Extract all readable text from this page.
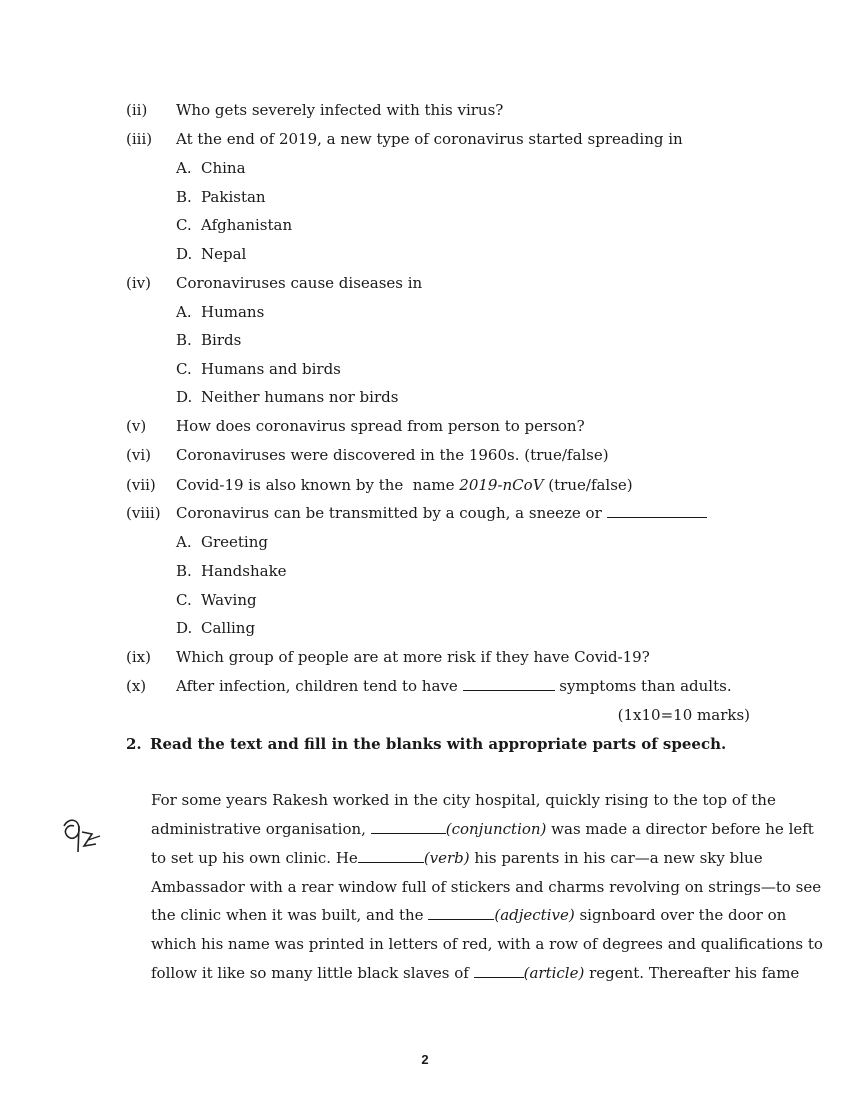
(ii) Who gets severely infected with this virus?
(iii) At the end of 2019, a new type of coronavirus started spreading in
A. China
B. Pakistan
C. Afghanistan
D. Nepal
(iv) Coronaviruses cause diseases in
A. Humans
B. Birds
C. Humans and birds
D. Neither humans nor birds
(v) How does coronavirus spread from person to person?
(vi) Coronaviruses were discovered in the 1960s. (true/false)
(vii) Covid-19 is also known by the  name 2019-nCoV (true/false)
(viii) Coronavirus can be transmitted by a cough, a sneeze or
A. Greeting
B. Handshake
C. Waving
D. Calling
(ix) Which group of people are at more risk if they have Covid-19?
(x) After infection, children tend to have	symptoms than adults.
(1x10=10 marks)
2. Read the text and fill in the blanks with appropriate parts of speech.
For some years Rakesh worked in the city hospital, quickly rising to the top of the
administrative organisation,	(conjunction) was made a director before he left
to set up his own clinic. He	(verb) his parents in his car—a new sky blue
Ambassador with a rear window full of stickers and charms revolving on strings—to see
the clinic when it was built, and the	(adjective) signboard over the door on
which his name was printed in letters of red, with a row of degrees and qualifications to
follow it like so many little black slaves of	(article) regent. Thereafter his fame
2
